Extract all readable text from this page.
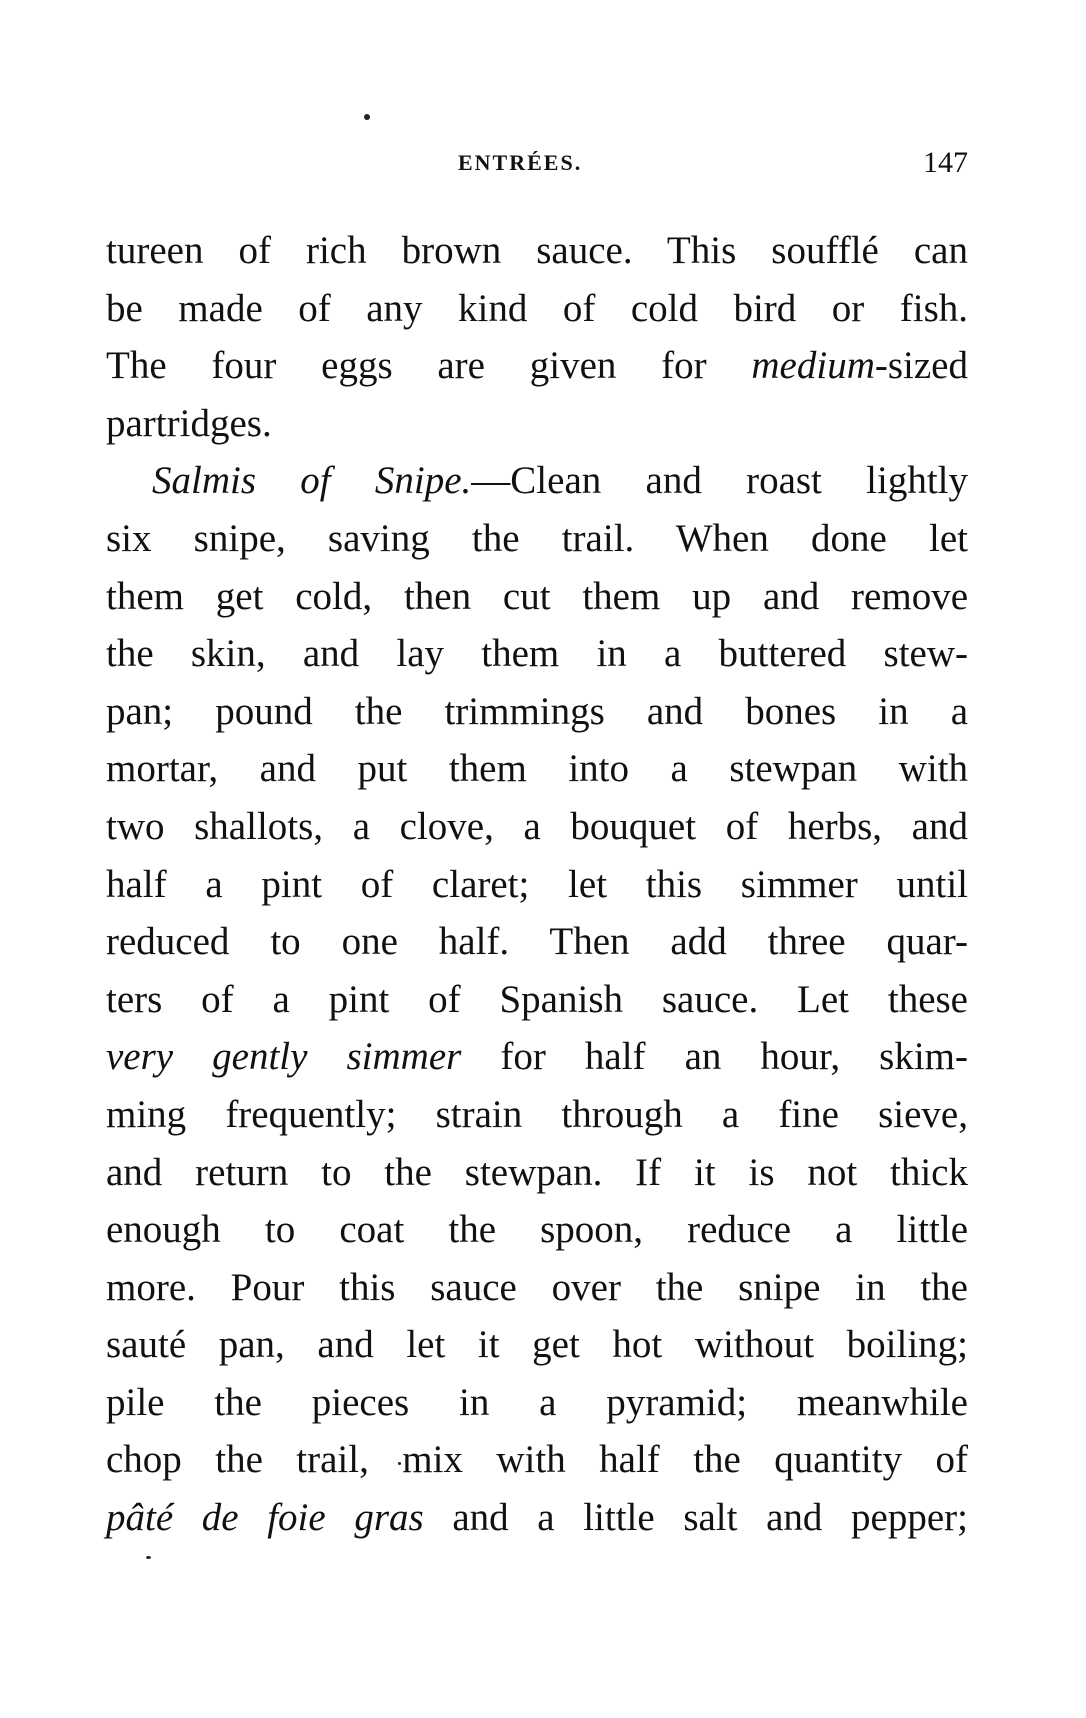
ENTRÉES.	147
tureen of rich brown sauce. This soufflé can
be made of any kind of cold bird or fish.
The four eggs are given for medium-sized
partridges.
Salmis of Snipe.—Clean and roast lightly
six snipe, saving the trail. When done let
them get cold, then cut them up and remove
the skin, and lay them in a buttered stew-
pan; pound the trimmings and bones in a
mortar, and put them into a stewpan with
two shallots, a clove, a bouquet of herbs, and
half a pint of claret; let this simmer until
reduced to one half. Then add three quar-
ters of a pint of Spanish sauce. Let these
very gently simmer for half an hour, skim-
ming frequently; strain through a fine sieve,
and return to the stewpan. If it is not thick
enough to coat the spoon, reduce a little
more. Pour this sauce over the snipe in the
sauté pan, and let it get hot without boiling;
pile the pieces in a pyramid; meanwhile
chop the trail, mix with half the quantity of
pâté de foie gras and a little salt and pepper;
